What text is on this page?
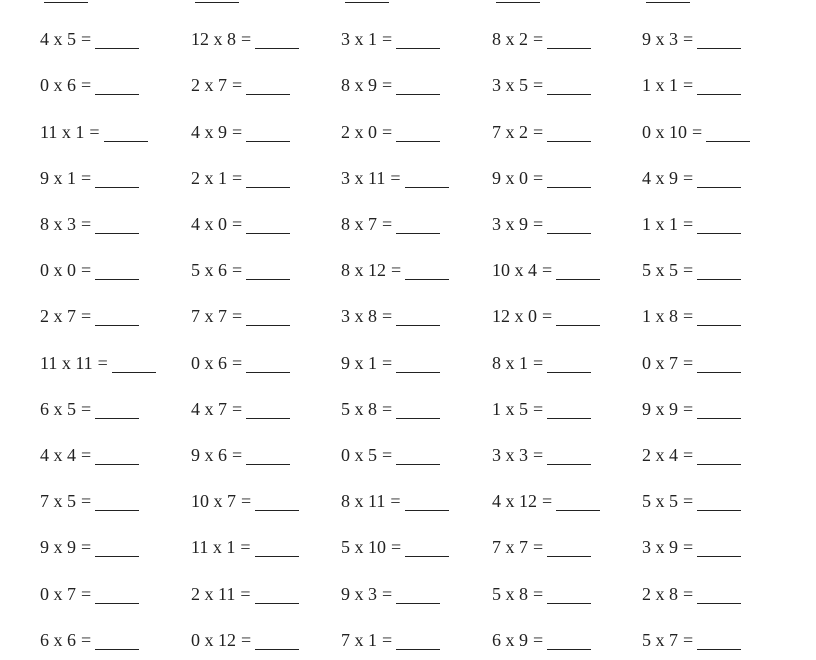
4 x 5 =	12 x 8 =	3 x 1 =	8 x 2 =	9 x 3 =
0 x 6 =	2 x 7 =	8 x 9 =	3 x 5 =	1 x 1 =
11 x 1 =	4 x 9 =	2 x 0 =	7 x 2 =	0 x 10 =
9 x 1 =	2 x 1 =	3 x 11 =	9 x 0 =	4 x 9 =
8 x 3 =	4 x 0 =	8 x 7 =	3 x 9 =	1 x 1 =
0 x 0 =	5 x 6 =	8 x 12 =	10 x 4 =	5 x 5 =
2 x 7 =	7 x 7 =	3 x 8 =	12 x 0 =	1 x 8 =
11 x 11 =	0 x 6 =	9 x 1 =	8 x 1 =	0 x 7 =
6 x 5 =	4 x 7 =	5 x 8 =	1 x 5 =	9 x 9 =
4 x 4 =	9 x 6 =	0 x 5 =	3 x 3 =	2 x 4 =
7 x 5 =	10 x 7 =	8 x 11 =	4 x 12 =	5 x 5 =
9 x 9 =	11 x 1 =	5 x 10 =	7 x 7 =	3 x 9 =
0 x 7 =	2 x 11 =	9 x 3 =	5 x 8 =	2 x 8 =
6 x 6 =	0 x 12 =	7 x 1 =	6 x 9 =	5 x 7 =
